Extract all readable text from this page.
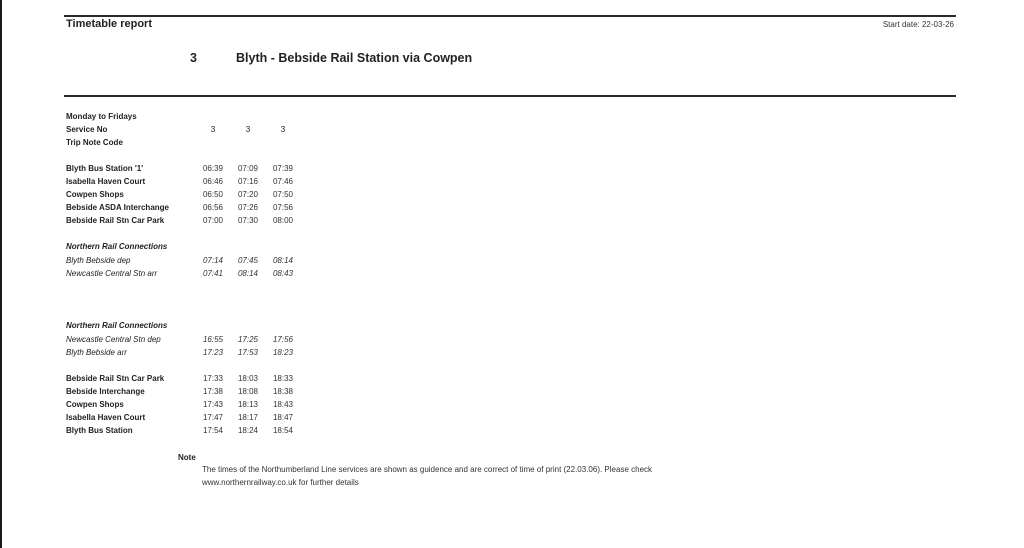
Timetable report	Start date: 22-03-26
3	Blyth - Bebside Rail Station via Cowpen
Monday to Fridays
Service No	3	3	3
Trip Note Code
Blyth Bus Station '1'	06:39	07:09	07:39
Isabella Haven Court	06:46	07:16	07:46
Cowpen Shops	06:50	07:20	07:50
Bebside ASDA Interchange	06:56	07:26	07:56
Bebside Rail Stn Car Park	07:00	07:30	08:00
Northern Rail Connections
Blyth Bebside dep	07:14	07:45	08:14
Newcastle Central Stn arr	07:41	08:14	08:43
Northern Rail Connections
Newcastle Central Stn dep	16:55	17:25	17:56
Blyth Bebside arr	17:23	17:53	18:23
Bebside Rail Stn Car Park	17:33	18:03	18:33
Bebside Interchange	17:38	18:08	18:38
Cowpen Shops	17:43	18:13	18:43
Isabella Haven Court	17:47	18:17	18:47
Blyth Bus Station	17:54	18:24	18:54
Note
The times of the Northumberland Line services are shown as guidence and are correct of time of print (22.03.06). Please check
www.northernrailway.co.uk for further details
